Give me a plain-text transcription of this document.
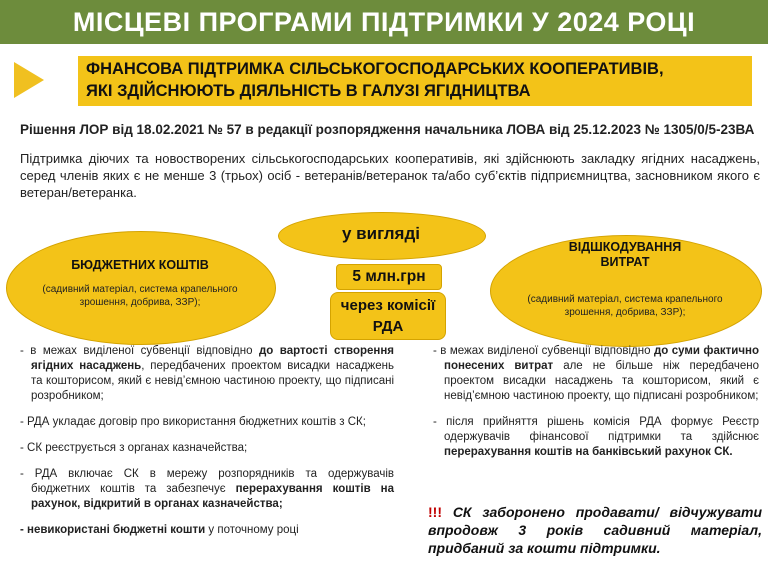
МІСЦЕВІ ПРОГРАМИ ПІДТРИМКИ У 2024 РОЦІ
ФНАНСОВА ПІДТРИМКА СІЛЬСЬКОГОСПОДАРСЬКИХ КООПЕРАТИВІВ,
ЯКІ ЗДІЙСНЮЮТЬ ДІЯЛЬНІСТЬ В ГАЛУЗІ ЯГІДНИЦТВА
Рішення ЛОР від 18.02.2021 № 57 в редакції розпорядження начальника ЛОВА від 25.12.2023 № 1305/0/5-23ВА
Підтримка діючих та новостворених сільськогосподарських кооперативів, які здійснюють закладку ягідних насаджень, серед членів яких є не менше 3 (трьох) осіб - ветеранів/ветеранок та/або суб’єктів підприємництва, засновником якого є ветеран/ветеранка.
у вигляді
БЮДЖЕТНИХ КОШТІВ
(садивний матеріал, система крапельного зрошення, добрива, ЗЗР);
ВІДШКОДУВАННЯ
ВИТРАТ
(садивний матеріал, система крапельного зрошення, добрива, ЗЗР);
5 млн.грн
через комісії
РДА
- в межах виділеної субвенції відповідно до вартості створення ягідних насаджень, передбачених проектом висадки насаджень та кошторисом, який є невід’ємною частиною проекту, що підписані розробником;
- РДА укладає договір про використання бюджетних коштів з СК;
- СК реєструється з органах казначейства;
- РДА включає СК в мережу розпорядників та одержувачів бюджетних коштів та забезпечує перерахування коштів на рахунок, відкритий в органах казначейства;
- невикористані бюджетні кошти у поточному році
- в межах виділеної субвенції відповідно до суми фактично понесених витрат але не більше ніж передбачено проектом висадки насаджень та кошторисом, який є невід’ємною частиною проекту, що підписані розробником;
- після прийняття рішень комісія РДА формує Реєстр одержувачів фінансової підтримки та здійснює перерахування коштів на банківський рахунок СК.
!!! СК заборонено продавати/ відчужувати впродовж 3 років садивний матеріал, придбаний за кошти підтримки.
